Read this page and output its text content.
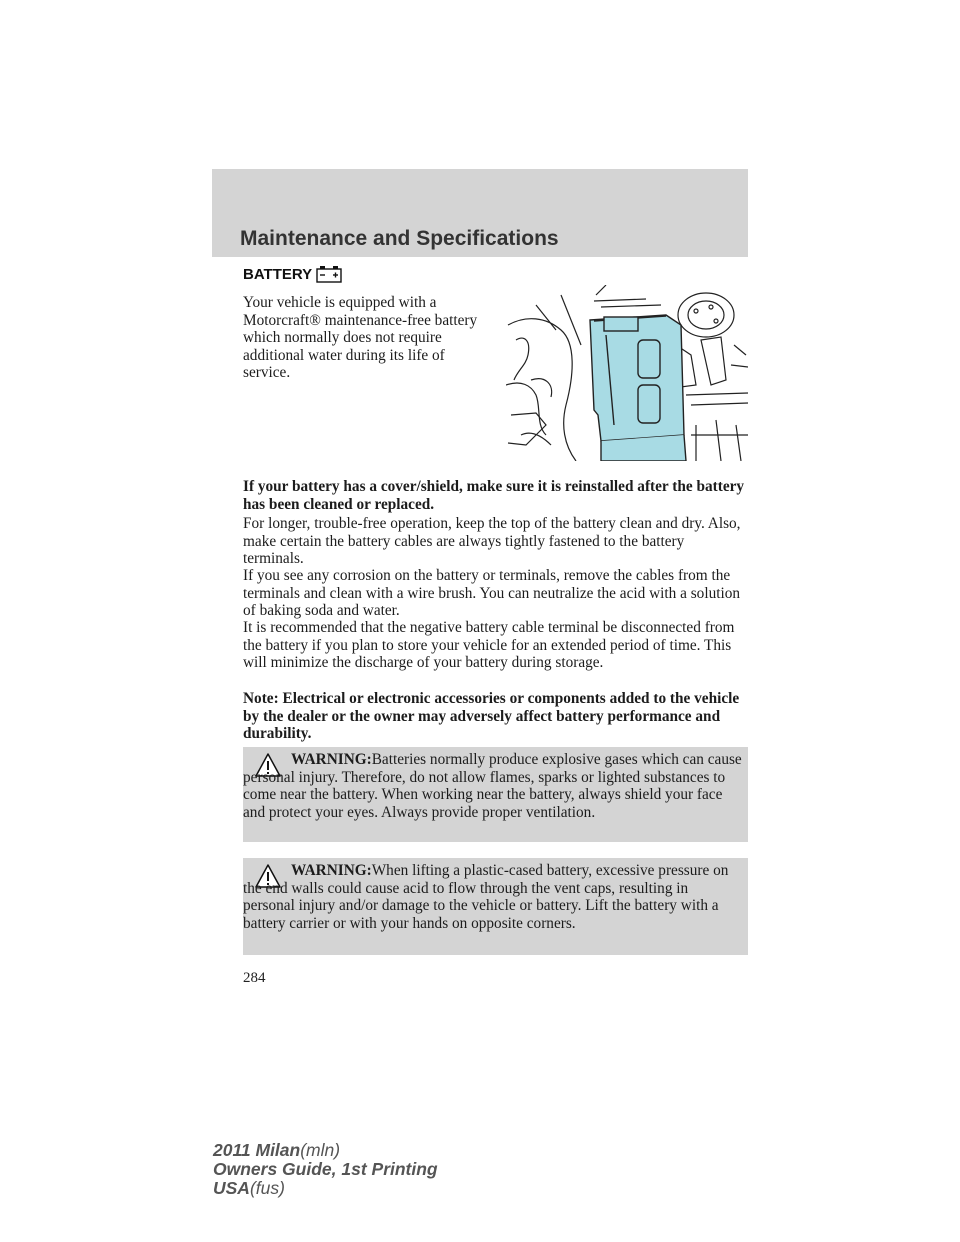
Maintenance and Specifications
BATTERY
Your vehicle is equipped with a Motorcraft® maintenance-free battery which normally does not require additional water during its life of service.

If your battery has a cover/shield, make sure it is reinstalled after the battery has been cleaned or replaced.

For longer, trouble-free operation, keep the top of the battery clean and dry. Also, make certain the battery cables are always tightly fastened to the battery terminals.

If you see any corrosion on the battery or terminals, remove the cables from the terminals and clean with a wire brush. You can neutralize the acid with a solution of baking soda and water.

It is recommended that the negative battery cable terminal be disconnected from the battery if you plan to store your vehicle for an extended period of time. This will minimize the discharge of your battery during storage.

Note: Electrical or electronic accessories or components added to the vehicle by the dealer or the owner may adversely affect battery performance and durability.

WARNING:Batteries normally produce explosive gases which can cause personal injury. Therefore, do not allow flames, sparks or lighted substances to come near the battery. When working near the battery, always shield your face and protect your eyes. Always provide proper ventilation.
WARNING:When lifting a plastic-cased battery, excessive pressure on the end walls could cause acid to flow through the vent caps, resulting in personal injury and/or damage to the vehicle or battery. Lift the battery with a battery carrier or with your hands on opposite corners.
284
2011 Milan(mln)
Owners Guide, 1st Printing
USA(fus)
